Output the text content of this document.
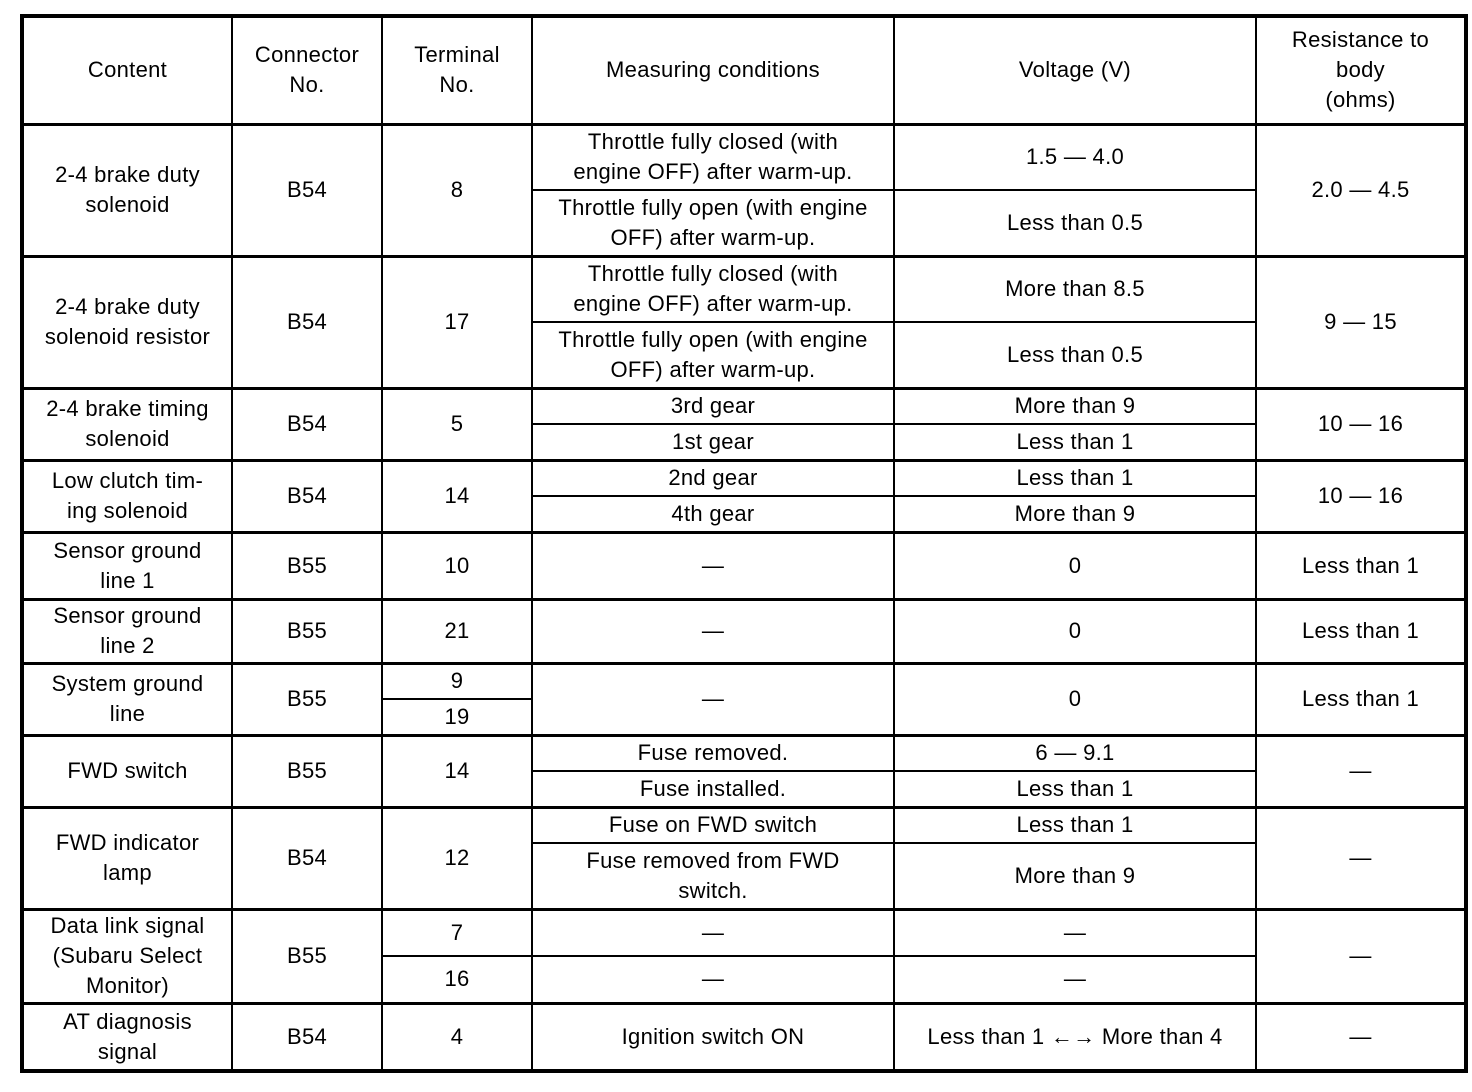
Content	Connector
No.	Terminal
No.	Measuring conditions	Voltage (V)	Resistance to
body
(ohms)
2-4 brake duty
solenoid	B54	8	Throttle fully closed (with
engine OFF) after warm-up.	1.5 — 4.0	2.0 — 4.5
			Throttle fully open (with engine
OFF) after warm-up.	Less than 0.5	
2-4 brake duty
solenoid resistor	B54	17	Throttle fully closed (with
engine OFF) after warm-up.	More than 8.5	9 — 15
			Throttle fully open (with engine
OFF) after warm-up.	Less than 0.5	
2-4 brake timing
solenoid	B54	5	3rd gear	More than 9	10 — 16
			1st gear	Less than 1	
Low clutch tim-
ing solenoid	B54	14	2nd gear	Less than 1	10 — 16
			4th gear	More than 9	
Sensor ground
line 1	B55	10	—	0	Less than 1
Sensor ground
line 2	B55	21	—	0	Less than 1
System ground
line	B55	9	—	0	Less than 1
		19			
FWD switch	B55	14	Fuse removed.	6 — 9.1	—
			Fuse installed.	Less than 1	
FWD indicator
lamp	B54	12	Fuse on FWD switch	Less than 1	—
			Fuse removed from FWD
switch.	More than 9	
Data link signal
(Subaru Select
Monitor)	B55	7	—	—	—
		16	—	—	
AT diagnosis
signal	B54	4	Ignition switch ON	Less than 1 ←→ More than 4	—
